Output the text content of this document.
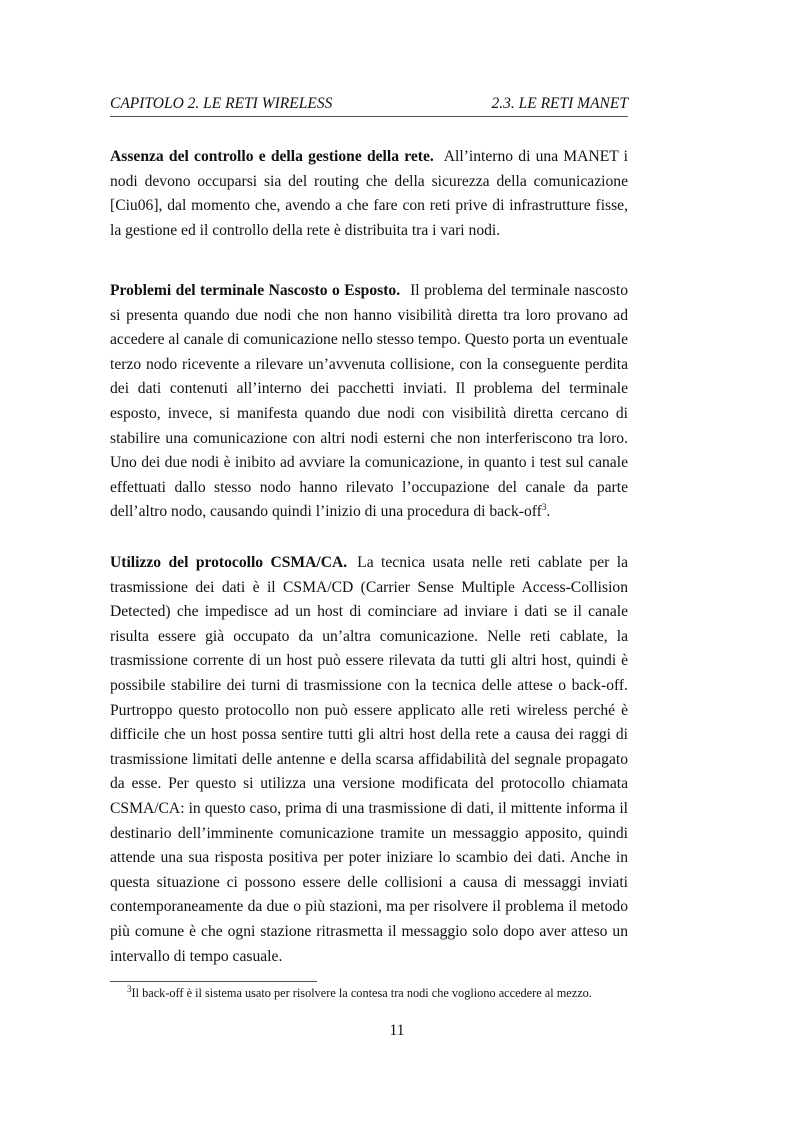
CAPITOLO 2. LE RETI WIRELESS	2.3. LE RETI MANET

Assenza del controllo e della gestione della rete. All’interno di una MANET i nodi devono occuparsi sia del routing che della sicurezza della comunicazione [Ciu06], dal momento che, avendo a che fare con reti prive di infrastrutture fisse, la gestione ed il controllo della rete è distribuita tra i vari nodi.

Problemi del terminale Nascosto o Esposto. Il problema del terminale nascosto si presenta quando due nodi che non hanno visibilità diretta tra loro provano ad accedere al canale di comunicazione nello stesso tempo. Questo porta un eventuale terzo nodo ricevente a rilevare un’avvenuta collisione, con la conseguente perdita dei dati contenuti all’interno dei pacchetti inviati. Il problema del terminale esposto, invece, si manifesta quando due nodi con visibilità diretta cercano di stabilire una comunicazione con altri nodi esterni che non interferiscono tra loro. Uno dei due nodi è inibito ad avviare la comunicazione, in quanto i test sul canale effettuati dallo stesso nodo hanno rilevato l’occupazione del canale da parte dell’altro nodo, causando quindi l’inizio di una procedura di back-off$^3$.

Utilizzo del protocollo CSMA/CA. La tecnica usata nelle reti cablate per la trasmissione dei dati è il CSMA/CD (Carrier Sense Multiple Access-Collision Detected) che impedisce ad un host di cominciare ad inviare i dati se il canale risulta essere già occupato da un’altra comunicazione. Nelle reti cablate, la trasmissione corrente di un host può essere rilevata da tutti gli altri host, quindi è possibile stabilire dei turni di trasmissione con la tecnica delle attese o back-off. Purtroppo questo protocollo non può essere applicato alle reti wireless perché è difficile che un host possa sentire tutti gli altri host della rete a causa dei raggi di trasmissione limitati delle antenne e della scarsa affidabilità del segnale propagato da esse. Per questo si utilizza una versione modificata del protocollo chiamata CSMA/CA: in questo caso, prima di una trasmissione di dati, il mittente informa il destinario dell’imminente comunicazione tramite un messaggio apposito, quindi attende una sua risposta positiva per poter iniziare lo scambio dei dati. Anche in questa situazione ci possono essere delle collisioni a causa di messaggi inviati contemporaneamente da due o più stazioni, ma per risolvere il problema il metodo più comune è che ogni stazione ritrasmetta il messaggio solo dopo aver atteso un intervallo di tempo casuale.

$^3$Il back-off è il sistema usato per risolvere la contesa tra nodi che vogliono accedere al mezzo.
11
